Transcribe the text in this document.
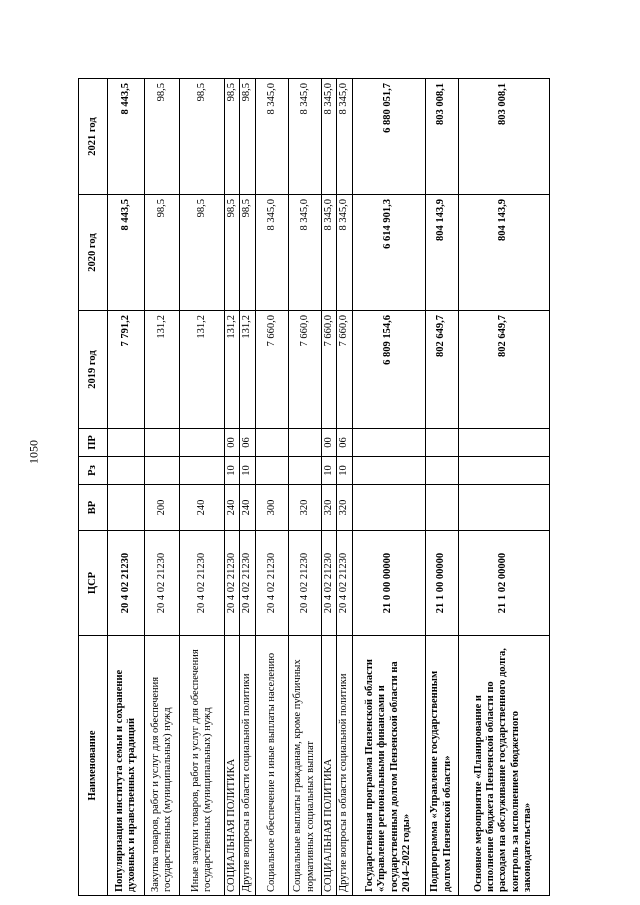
1050
Наименование	ЦСР	ВР	Рз	ПР	2019 год	2020 год	2021 год
Популяризация института семьи и сохранение духовных и нравственных традиций	20 4 02 21230				7 791,2	8 443,5	8 443,5
Закупка товаров, работ и услуг для обеспечения государственных (муниципальных) нужд	20 4 02 21230	200			131,2	98,5	98,5
Иные закупки товаров, работ и услуг для обеспечения государственных (муниципальных) нужд	20 4 02 21230	240			131,2	98,5	98,5
СОЦИАЛЬНАЯ ПОЛИТИКА	20 4 02 21230	240	10	00	131,2	98,5	98,5
Другие вопросы в области социальной политики	20 4 02 21230	240	10	06	131,2	98,5	98,5
Социальное обеспечение и иные выплаты населению	20 4 02 21230	300			7 660,0	8 345,0	8 345,0
Социальные выплаты гражданам, кроме публичных нормативных социальных выплат	20 4 02 21230	320			7 660,0	8 345,0	8 345,0
СОЦИАЛЬНАЯ ПОЛИТИКА	20 4 02 21230	320	10	00	7 660,0	8 345,0	8 345,0
Другие вопросы в области социальной политики	20 4 02 21230	320	10	06	7 660,0	8 345,0	8 345,0
Государственная программа Пензенской области «Управление региональными финансами и государственным долгом Пензенской области на 2014–2022 годы»	21 0 00 00000				6 809 154,6	6 614 901,3	6 880 051,7
Подпрограмма «Управление государственным долгом Пензенской области»	21 1 00 00000				802 649,7	804 143,9	803 008,1
Основное мероприятие «Планирование и исполнение бюджета Пензенской области по расходам на обслуживание государственного долга, контроль за исполнением бюджетного законодательства»	21 1 02 00000				802 649,7	804 143,9	803 008,1
